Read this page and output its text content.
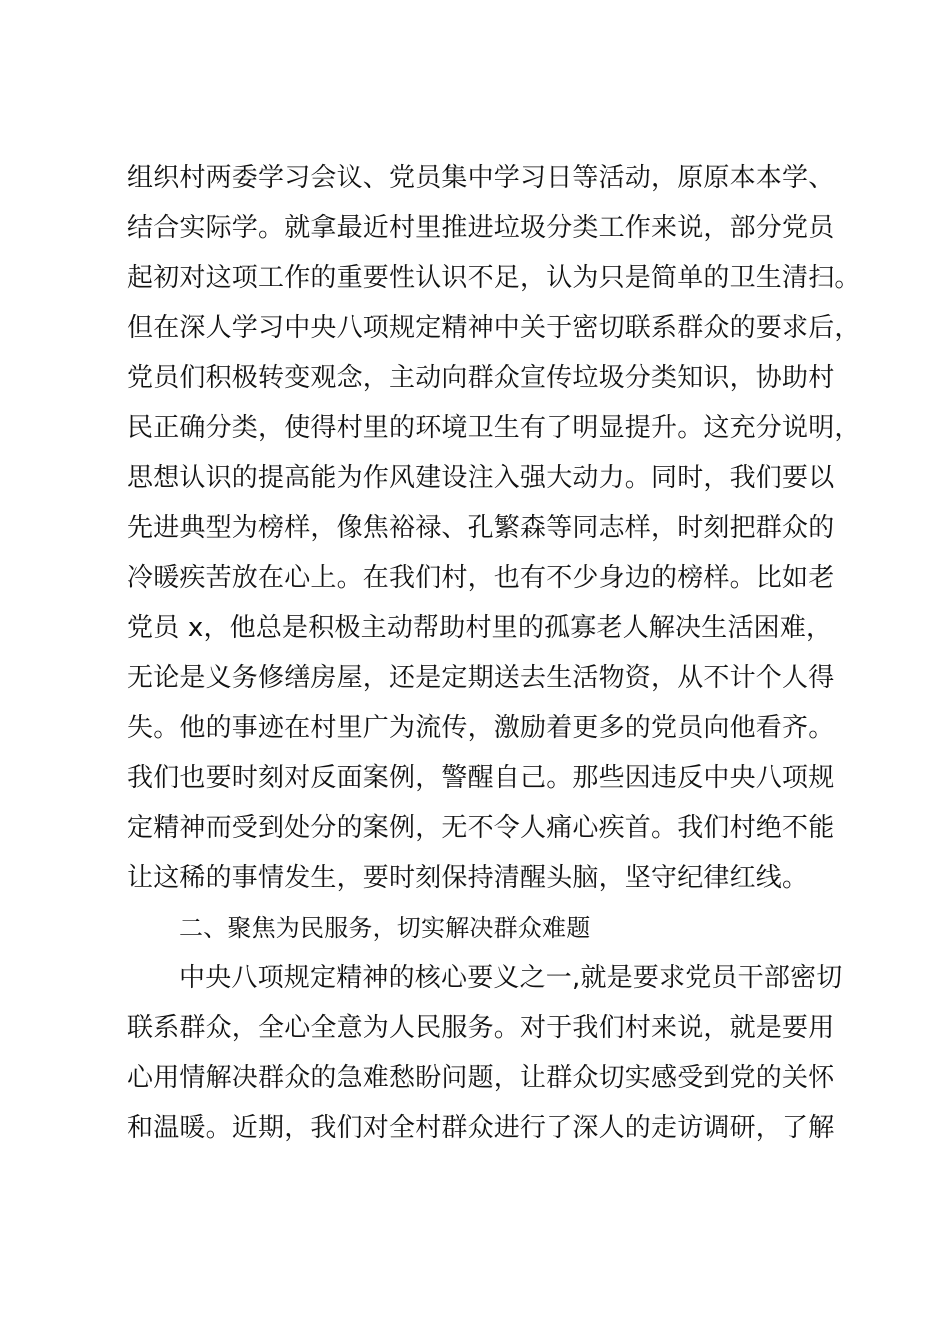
组织村两委学习会议、党员集中学习日等活动，原原本本学、
结合实际学。就拿最近村里推进垃圾分类工作来说，部分党员
起初对这项工作的重要性认识不足，认为只是简单的卫生清扫。
但在深人学习中央八项规定精神中关于密切联系群众的要求后，
党员们积极转变观念，主动向群众宣传垃圾分类知识，协助村
民正确分类，使得村里的环境卫生有了明显提升。这充分说明，
思想认识的提高能为作风建设注入强大动力。同时，我们要以
先进典型为榜样，像焦裕禄、孔繁森等同志样，时刻把群众的
冷暖疾苦放在心上。在我们村，也有不少身边的榜样。比如老
党员 x，他总是积极主动帮助村里的孤寡老人解决生活困难，
无论是义务修缮房屋，还是定期送去生活物资，从不计个人得
失。他的事迹在村里广为流传，激励着更多的党员向他看齐。
我们也要时刻对反面案例，警醒自己。那些因违反中央八项规
定精神而受到处分的案例，无不令人痛心疾首。我们村绝不能
让这稀的事情发生，要时刻保持清醒头脑，坚守纪律红线。
二、聚焦为民服务，切实解决群众难题
中央八项规定精神的核心要义之一,就是要求党员干部密切
联系群众，全心全意为人民服务。对于我们村来说，就是要用
心用情解决群众的急难愁盼问题，让群众切实感受到党的关怀
和温暖。近期，我们对全村群众进行了深人的走访调研，了解
